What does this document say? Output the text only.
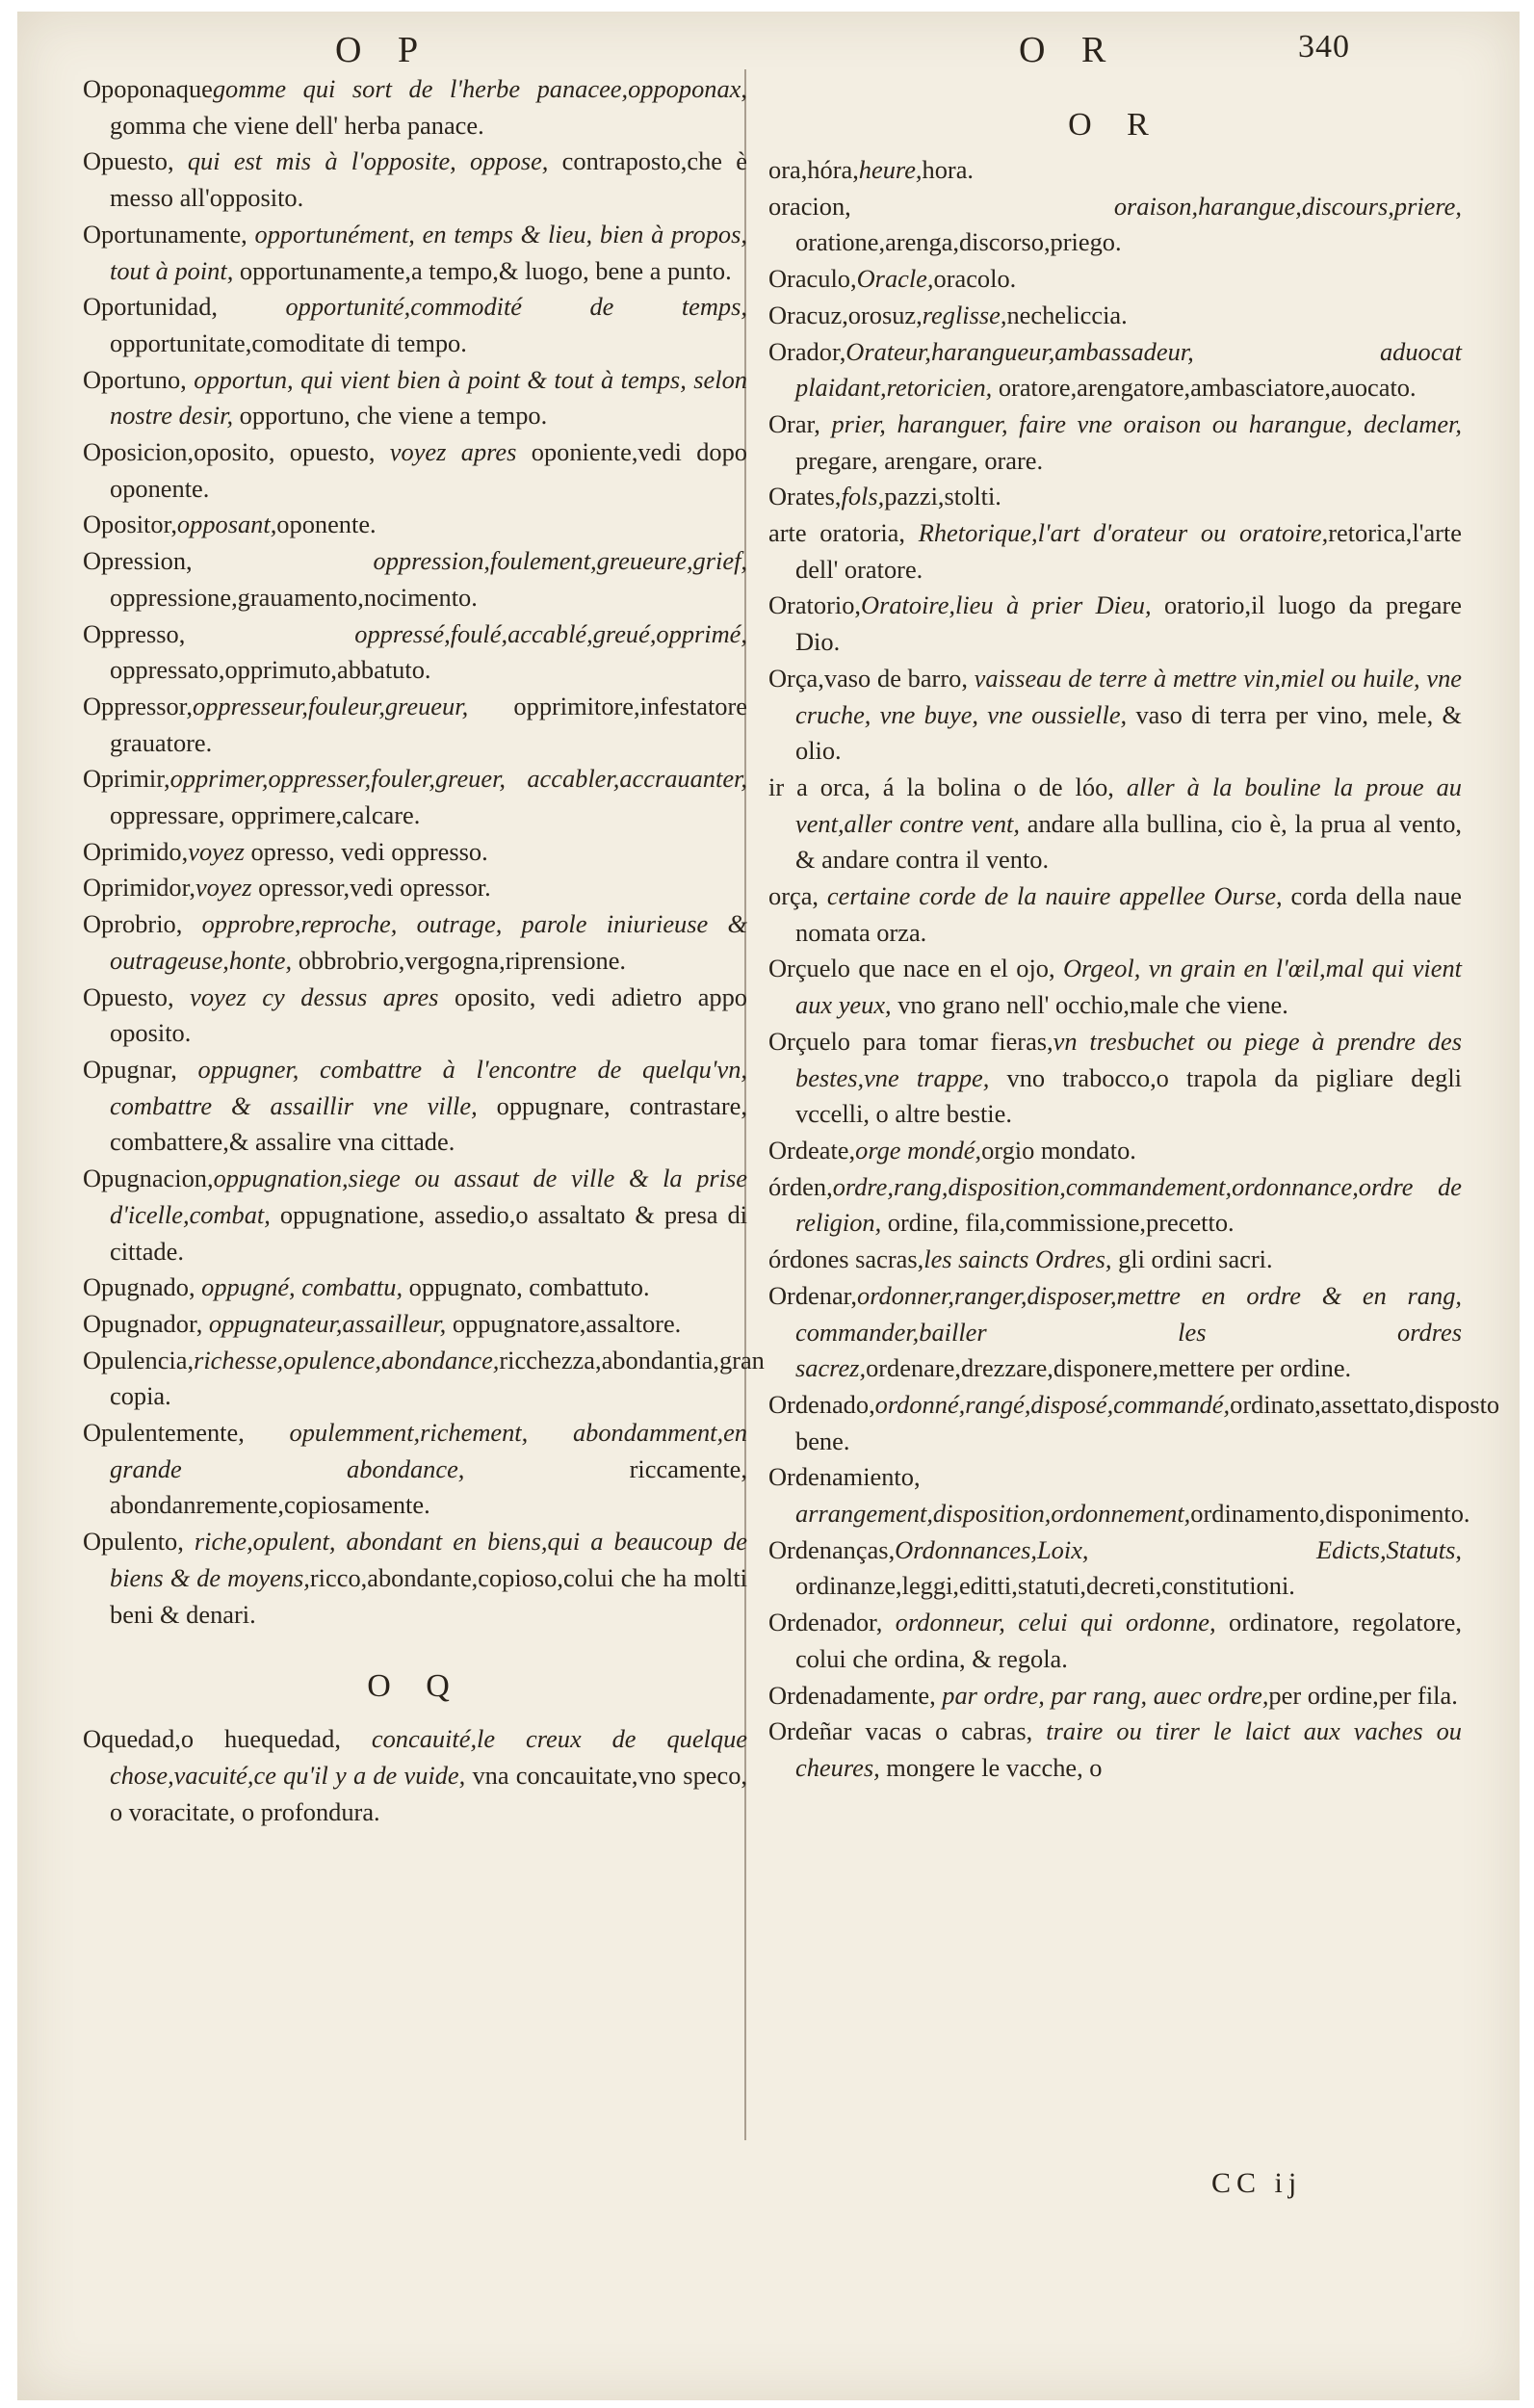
O P	O R	340

Opoponaquegomme qui sort de l'herbe panacee,oppoponax, gomma che viene dell' herba panace.

Opuesto, qui est mis à l'opposite, oppose, contraposto,che è messo all'opposito.

Oportunamente, opportunément, en temps & lieu, bien à propos, tout à point, opportunamente,a tempo,& luogo, bene a punto.

Oportunidad, opportunité,commodité de temps, opportunitate,comoditate di tempo.

Oportuno, opportun, qui vient bien à point & tout à temps, selon nostre desir, opportuno, che viene a tempo.

Oposicion,oposito, opuesto, voyez apres oponiente,vedi dopo oponente.

Opositor,opposant,oponente.

Opression, oppression,foulement,greueure,grief, oppressione,grauamento,nocimento.

Oppresso, oppressé,foulé,accablé,greué,opprimé, oppressato,opprimuto,abbatuto.

Oppressor,oppresseur,fouleur,greueur, opprimitore,infestatore grauatore.

Oprimir,opprimer,oppresser,fouler,greuer, accabler,accrauanter, oppressare, opprimere,calcare.

Oprimido,voyez opresso, vedi oppresso.

Oprimidor,voyez opressor,vedi opressor.

Oprobrio, opprobre,reproche, outrage, parole iniurieuse & outrageuse,honte, obbrobrio,vergogna,riprensione.

Opuesto, voyez cy dessus apres oposito, vedi adietro appo oposito.

Opugnar, oppugner, combattre à l'encontre de quelqu'vn, combattre & assaillir vne ville, oppugnare, contrastare, combattere,& assalire vna cittade.

Opugnacion,oppugnation,siege ou assaut de ville & la prise d'icelle,combat, oppugnatione, assedio,o assaltato & presa di cittade.

Opugnado, oppugné, combattu, oppugnato, combattuto.

Opugnador, oppugnateur,assailleur, oppugnatore,assaltore.

Opulencia,richesse,opulence,abondance,ricchezza,abondantia,gran copia.

Opulentemente, opulemment,richement, abondamment,en grande abondance, riccamente, abondanremente,copiosamente.

Opulento, riche,opulent, abondant en biens,qui a beaucoup de biens & de moyens,ricco,abondante,copioso,colui che ha molti beni & denari.

O Q

Oquedad,o huequedad, concauité,le creux de quelque chose,vacuité,ce qu'il y a de vuide, vna concauitate,vno speco, o voracitate, o profondura.

O R

ora,hóra,heure,hora.

oracion, oraison,harangue,discours,priere, oratione,arenga,discorso,priego.

Oraculo,Oracle,oracolo.

Oracuz,orosuz,reglisse,necheliccia.

Orador,Orateur,harangueur,ambassadeur, aduocat plaidant,retoricien, oratore,arengatore,ambasciatore,auocato.

Orar, prier, haranguer, faire vne oraison ou harangue, declamer, pregare, arengare, orare.

Orates,fols,pazzi,stolti.

arte oratoria, Rhetorique,l'art d'orateur ou oratoire,retorica,l'arte dell' oratore.

Oratorio,Oratoire,lieu à prier Dieu, oratorio,il luogo da pregare Dio.

Orça,vaso de barro, vaisseau de terre à mettre vin,miel ou huile, vne cruche, vne buye, vne oussielle, vaso di terra per vino, mele, & olio.

ir a orca, á la bolina o de lóo, aller à la bouline la proue au vent,aller contre vent, andare alla bullina, cio è, la prua al vento, & andare contra il vento.

orça, certaine corde de la nauire appellee Ourse, corda della naue nomata orza.

Orçuelo que nace en el ojo, Orgeol, vn grain en l'œil,mal qui vient aux yeux, vno grano nell' occhio,male che viene.

Orçuelo para tomar fieras,vn tresbuchet ou piege à prendre des bestes,vne trappe, vno trabocco,o trapola da pigliare degli vccelli, o altre bestie.

Ordeate,orge mondé,orgio mondato.

órden,ordre,rang,disposition,commandement,ordonnance,ordre de religion, ordine, fila,commissione,precetto.

órdones sacras,les saincts Ordres, gli ordini sacri.

Ordenar,ordonner,ranger,disposer,mettre en ordre & en rang, commander,bailler les ordres sacrez,ordenare,drezzare,disponere,mettere per ordine.

Ordenado,ordonné,rangé,disposé,commandé,ordinato,assettato,disposto bene.

Ordenamiento, arrangement,disposition,ordonnement,ordinamento,disponimento.

Ordenanças,Ordonnances,Loix, Edicts,Statuts, ordinanze,leggi,editti,statuti,decreti,constitutioni.

Ordenador, ordonneur, celui qui ordonne, ordinatore, regolatore, colui che ordina, & regola.

Ordenadamente, par ordre, par rang, auec ordre,per ordine,per fila.

Ordeñar vacas o cabras, traire ou tirer le laict aux vaches ou cheures, mongere le vacche, o

CC ij
